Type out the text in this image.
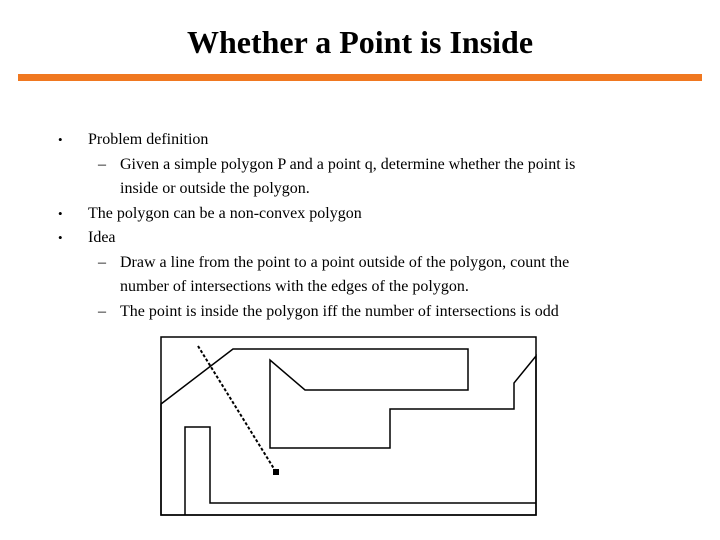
Whether a Point is Inside
• Problem definition
– Given a simple polygon P and a point q, determine whether the point is
inside or outside the polygon.
• The polygon can be a non-convex polygon
• Idea
– Draw a line from the point to a point outside of the polygon, count the
number of intersections with the edges of the polygon.
– The point is inside the polygon iff the number of intersections is odd
